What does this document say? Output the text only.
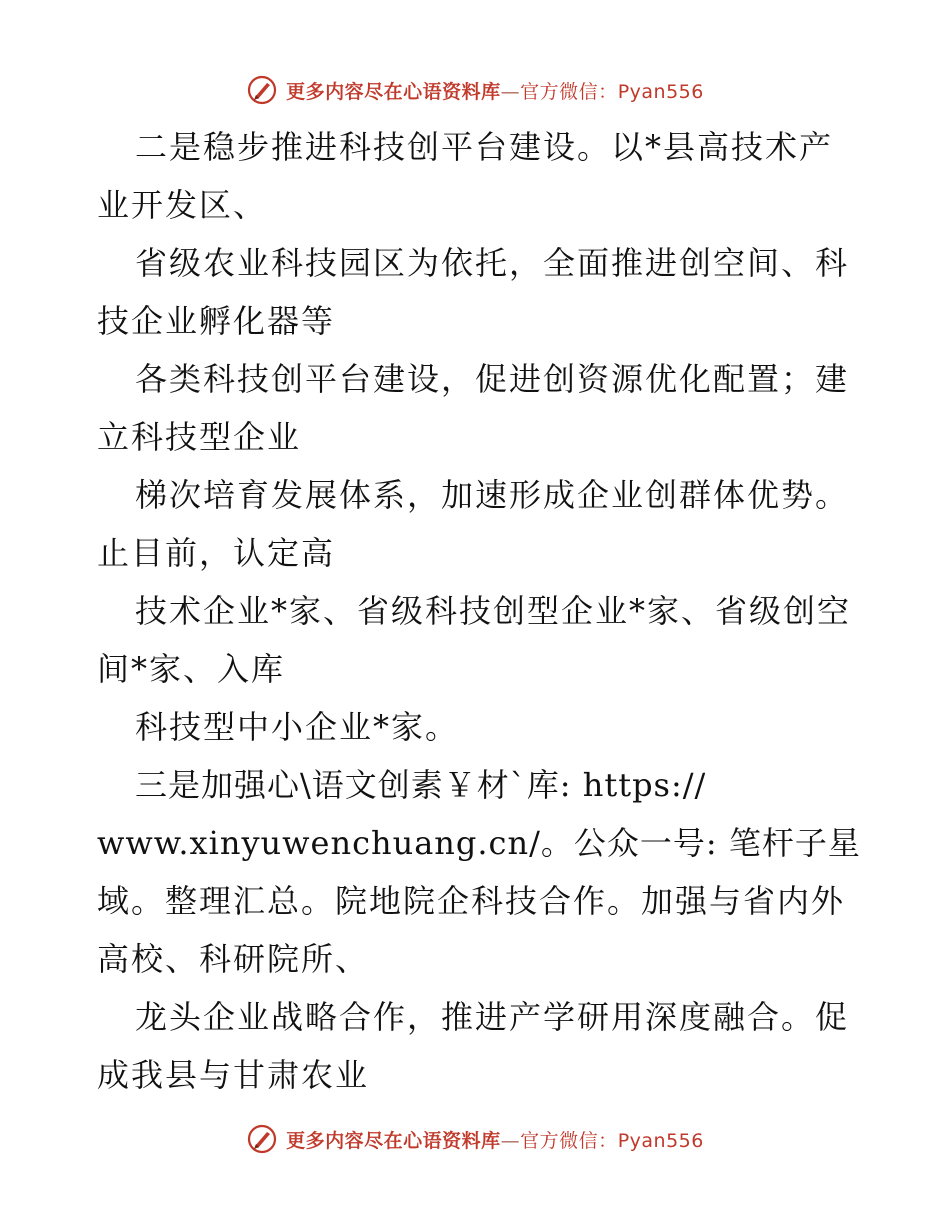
更多内容尽在心语资料库—官方微信：Pyan556
二是稳步推进科技创平台建设。以*县高技术产
业开发区、
省级农业科技园区为依托，全面推进创空间、科
技企业孵化器等
各类科技创平台建设，促进创资源优化配置；建
立科技型企业
梯次培育发展体系，加速形成企业创群体优势。
止目前，认定高
技术企业*家、省级科技创型企业*家、省级创空
间*家、入库
科技型中小企业*家。
三是加强心\语文创素￥材`库: https://
www.xinyuwenchuang.cn/。公众一号: 笔杆子星
域。整理汇总。院地院企科技合作。加强与省内外
高校、科研院所、
龙头企业战略合作，推进产学研用深度融合。促
成我县与甘肃农业
更多内容尽在心语资料库—官方微信：Pyan556
